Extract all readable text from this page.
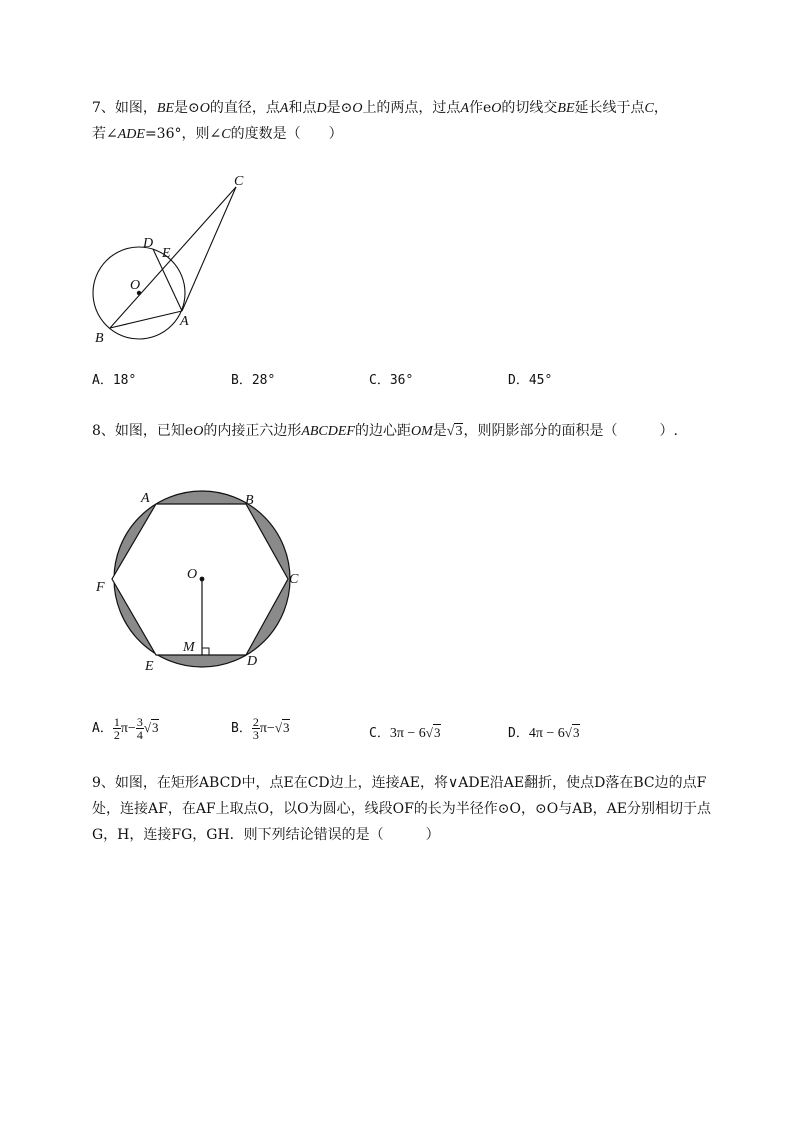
7、如图，BE是⊙O的直径，点A和点D是⊙O上的两点，过点A作eO的切线交BE延长线于点C，
若∠ADE=36°，则∠C的度数是（　　）
C
D
E
O
A
B
A．18°	B．28°	C．36°	D．45°
8、如图，已知eO的内接正六边形ABCDEF的边心距OM是√3，则阴影部分的面积是（　　　）.
A	B
C
D
E
F
O
M
A． $\frac{1}{2} \pi- \frac{3}{4} √3$	B． $\frac{2}{3} \pi-√3$	C．3π − 6√3	D．4π − 6√3
9、如图，在矩形ABCD中，点E在CD边上，连接AE，将∨ADE沿AE翻折，使点D落在BC边的点F
处，连接AF，在AF上取点O，以O为圆心，线段OF的长为半径作⊙O，⊙O与AB，AE分别相切于点
G，H，连接FG，GH．则下列结论错误的是（　　　）
